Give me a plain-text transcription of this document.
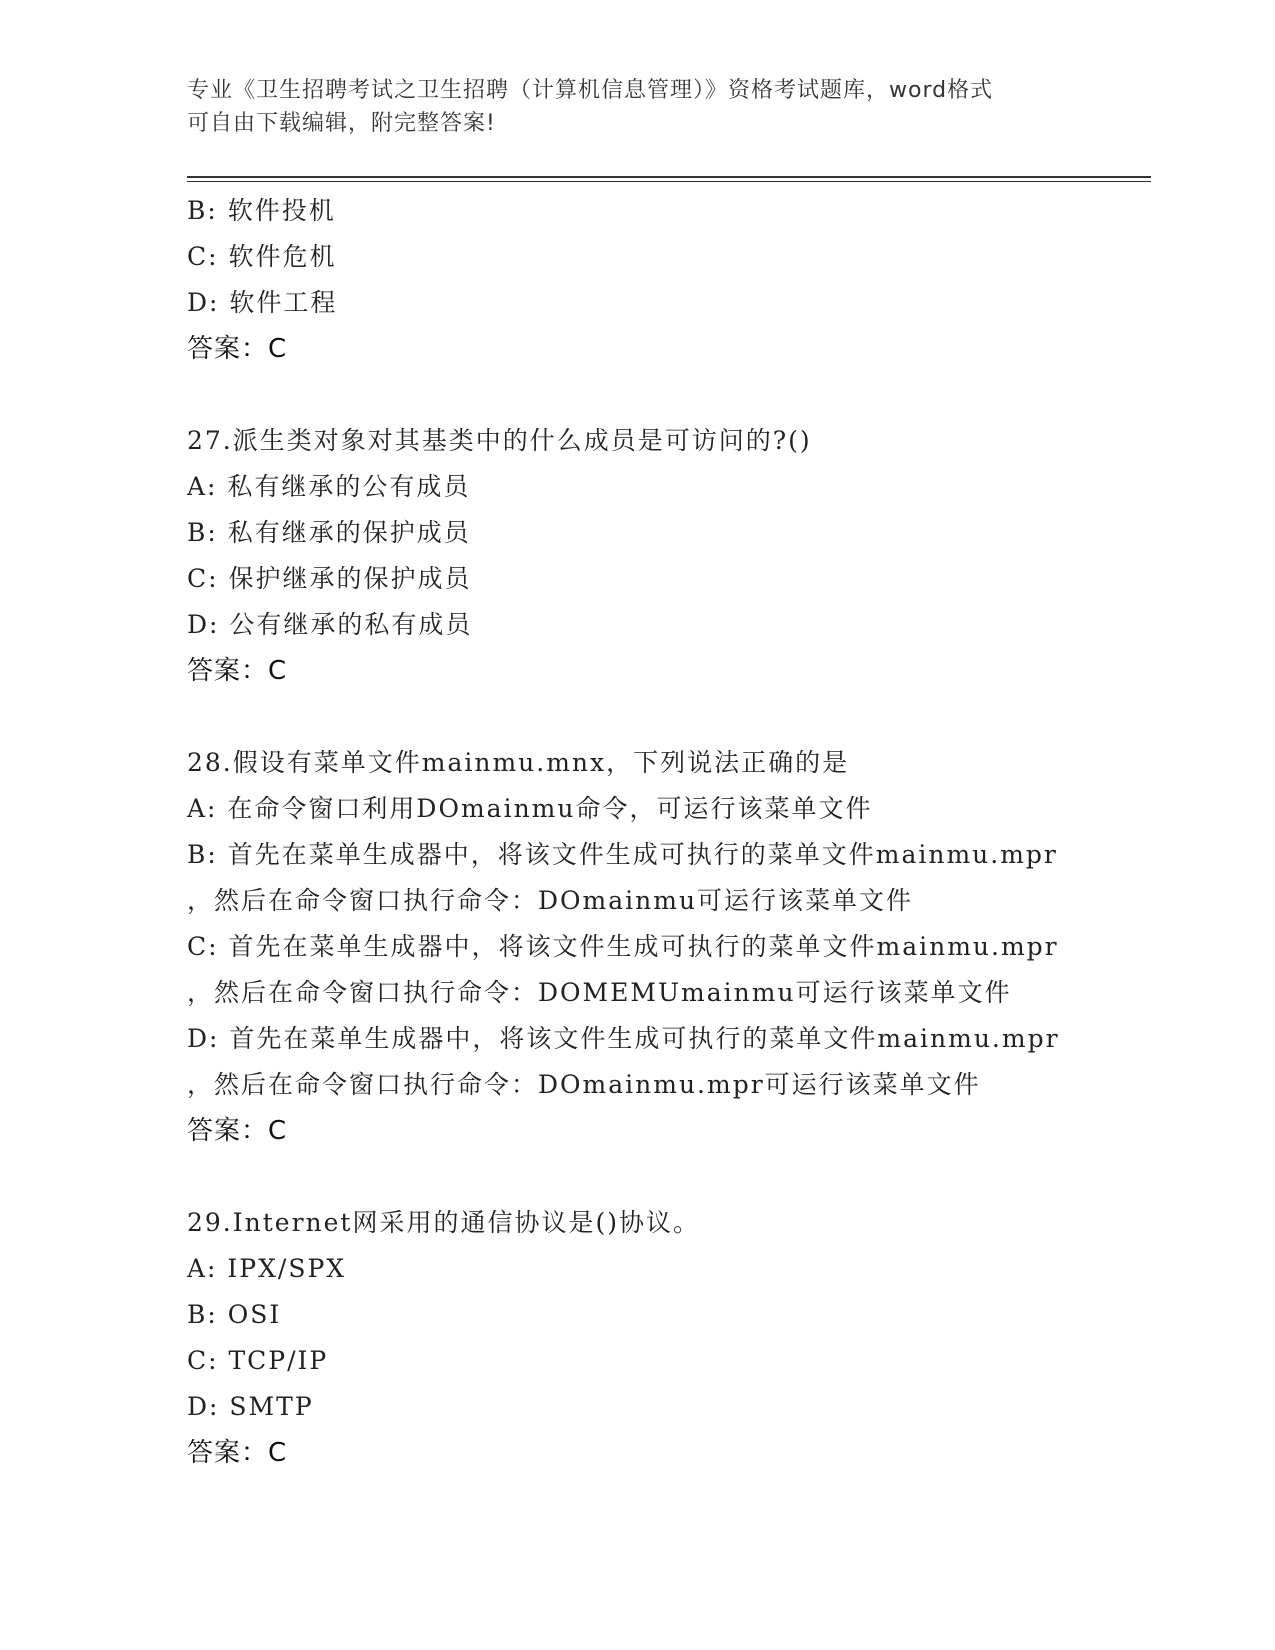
专业《卫生招聘考试之卫生招聘（计算机信息管理）》资格考试题库，word格式
可自由下载编辑，附完整答案!
B: 软件投机
C: 软件危机
D: 软件工程
答案：C
27.派生类对象对其基类中的什么成员是可访问的?()
A: 私有继承的公有成员
B: 私有继承的保护成员
C: 保护继承的保护成员
D: 公有继承的私有成员
答案：C
28.假设有菜单文件mainmu.mnx，下列说法正确的是
A: 在命令窗口利用DOmainmu命令，可运行该菜单文件
B: 首先在菜单生成器中，将该文件生成可执行的菜单文件mainmu.mpr
，然后在命令窗口执行命令：DOmainmu可运行该菜单文件
C: 首先在菜单生成器中，将该文件生成可执行的菜单文件mainmu.mpr
，然后在命令窗口执行命令：DOMEMUmainmu可运行该菜单文件
D: 首先在菜单生成器中，将该文件生成可执行的菜单文件mainmu.mpr
，然后在命令窗口执行命令：DOmainmu.mpr可运行该菜单文件
答案：C
29.Internet网采用的通信协议是()协议。
A: IPX/SPX
B: OSI
C: TCP/IP
D: SMTP
答案：C
